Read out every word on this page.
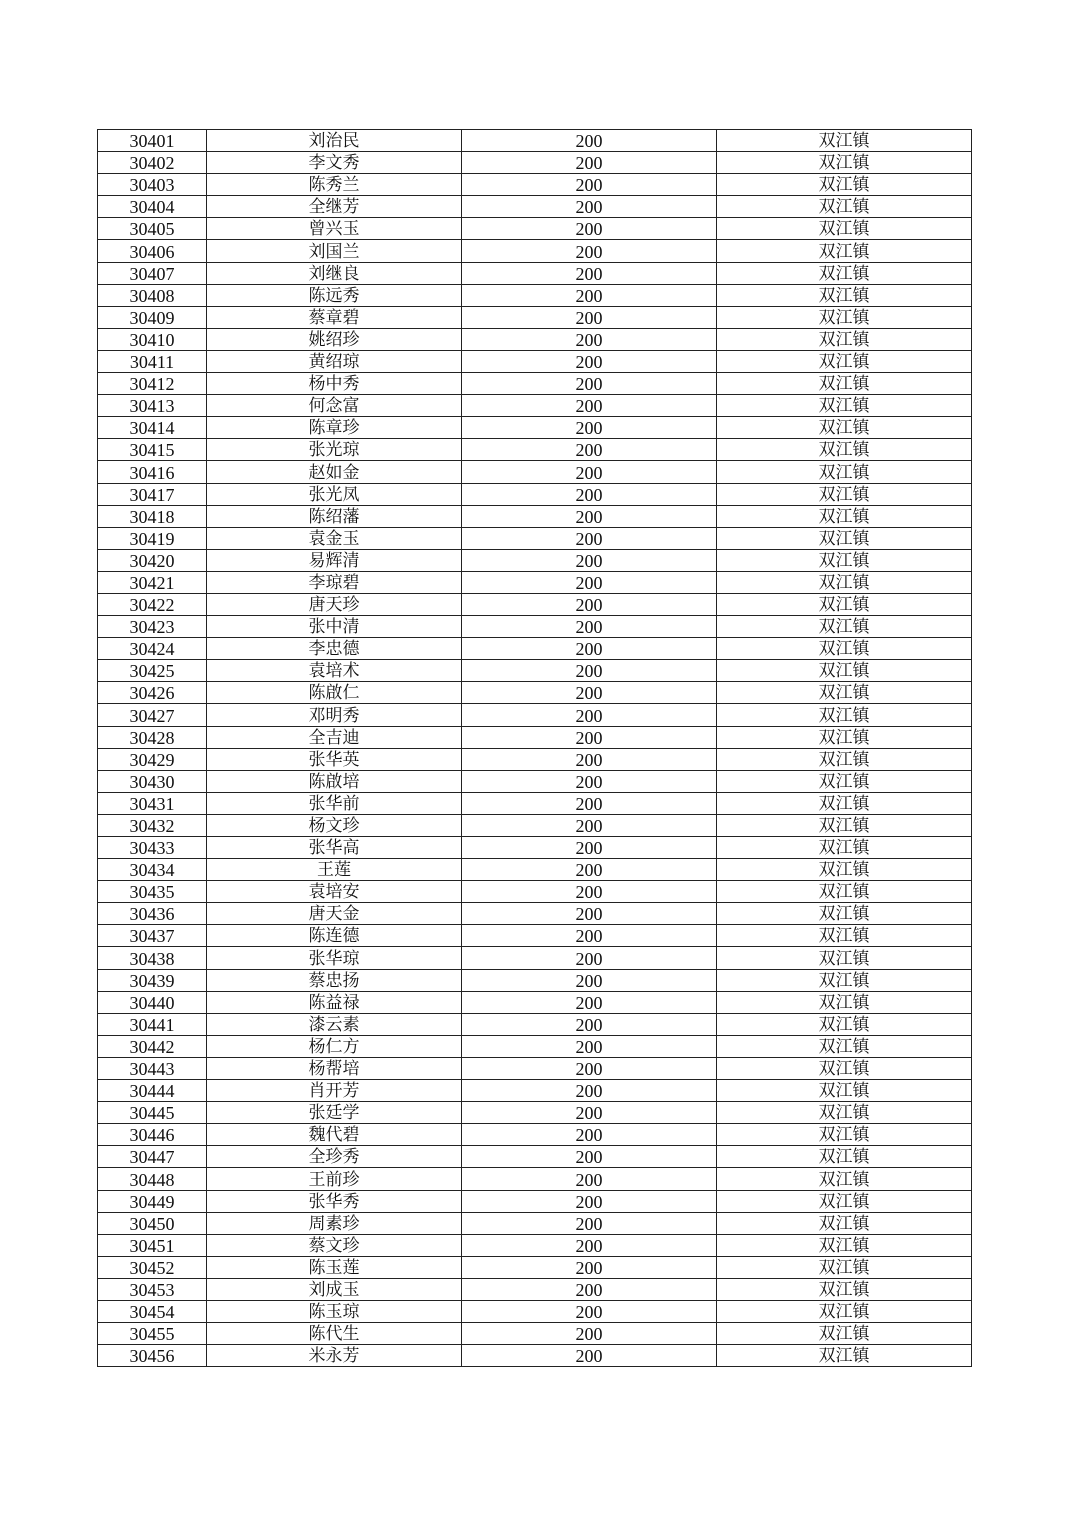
30401	刘治民	200	双江镇
30402	李文秀	200	双江镇
30403	陈秀兰	200	双江镇
30404	全继芳	200	双江镇
30405	曾兴玉	200	双江镇
30406	刘国兰	200	双江镇
30407	刘继良	200	双江镇
30408	陈远秀	200	双江镇
30409	蔡章碧	200	双江镇
30410	姚绍珍	200	双江镇
30411	黄绍琼	200	双江镇
30412	杨中秀	200	双江镇
30413	何念富	200	双江镇
30414	陈章珍	200	双江镇
30415	张光琼	200	双江镇
30416	赵如金	200	双江镇
30417	张光凤	200	双江镇
30418	陈绍藩	200	双江镇
30419	袁金玉	200	双江镇
30420	易辉清	200	双江镇
30421	李琼碧	200	双江镇
30422	唐天珍	200	双江镇
30423	张中清	200	双江镇
30424	李忠德	200	双江镇
30425	袁培术	200	双江镇
30426	陈啟仁	200	双江镇
30427	邓明秀	200	双江镇
30428	全吉迪	200	双江镇
30429	张华英	200	双江镇
30430	陈啟培	200	双江镇
30431	张华前	200	双江镇
30432	杨文珍	200	双江镇
30433	张华高	200	双江镇
30434	王莲	200	双江镇
30435	袁培安	200	双江镇
30436	唐天金	200	双江镇
30437	陈连德	200	双江镇
30438	张华琼	200	双江镇
30439	蔡忠扬	200	双江镇
30440	陈益禄	200	双江镇
30441	漆云素	200	双江镇
30442	杨仁方	200	双江镇
30443	杨帮培	200	双江镇
30444	肖开芳	200	双江镇
30445	张廷学	200	双江镇
30446	魏代碧	200	双江镇
30447	全珍秀	200	双江镇
30448	王前珍	200	双江镇
30449	张华秀	200	双江镇
30450	周素珍	200	双江镇
30451	蔡文珍	200	双江镇
30452	陈玉莲	200	双江镇
30453	刘成玉	200	双江镇
30454	陈玉琼	200	双江镇
30455	陈代生	200	双江镇
30456	米永芳	200	双江镇
